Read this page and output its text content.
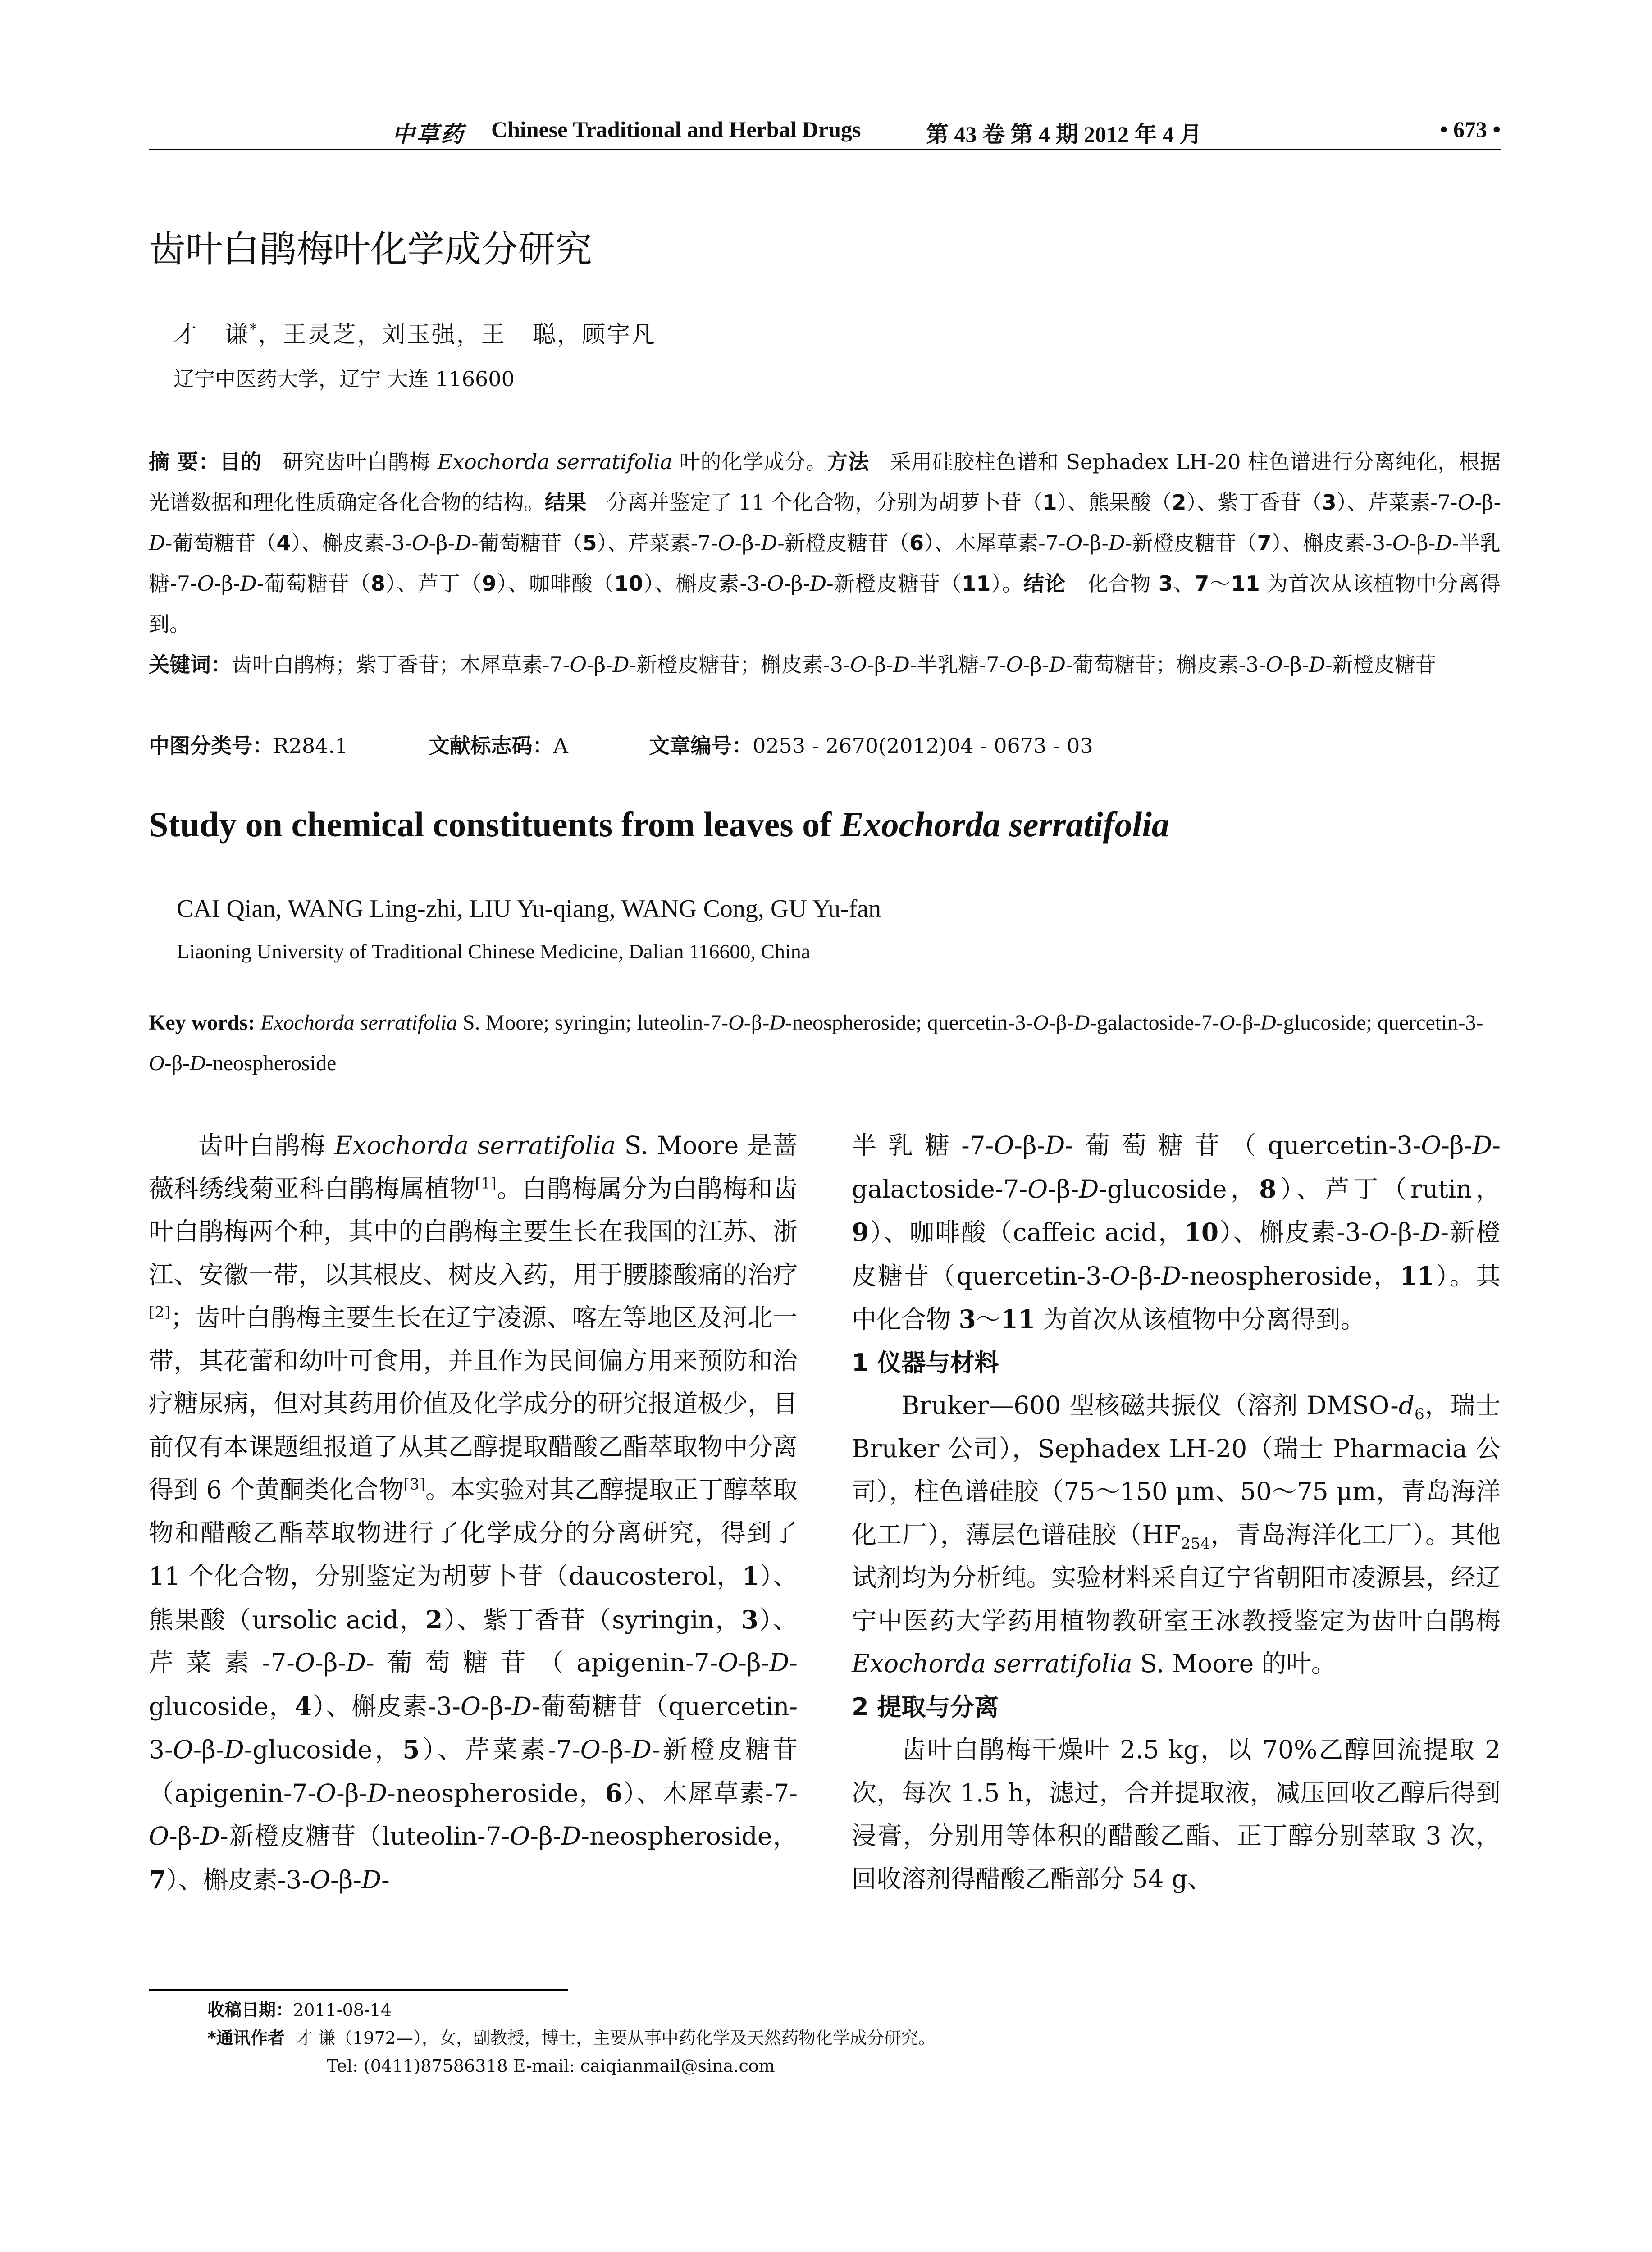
中草药 Chinese Traditional and Herbal Drugs	第 43 卷 第 4 期 2012 年 4 月	• 673 •
齿叶白鹃梅叶化学成分研究
才   谦*，王灵芝，刘玉强，王   聪，顾宇凡
辽宁中医药大学，辽宁 大连 116600
摘 要：目的   研究齿叶白鹃梅 Exochorda serratifolia 叶的化学成分。方法 采用硅胶柱色谱和 Sephadex LH-20 柱色谱进行分离纯化，根据光谱数据和理化性质确定各化合物的结构。结果   分离并鉴定了 11 个化合物，分别为胡萝卜苷（1）、熊果酸（2）、紫丁香苷（3）、芹菜素-7-O-β-D-葡萄糖苷（4）、槲皮素-3-O-β-D-葡萄糖苷（5）、芹菜素-7-O-β-D-新橙皮糖苷（6）、木犀草素-7-O-β-D-新橙皮糖苷（7）、槲皮素-3-O-β-D-半乳糖-7-O-β-D-葡萄糖苷（8）、芦丁（9）、咖啡酸（10）、槲皮素-3-O-β-D-新橙皮糖苷（11）。结论   化合物 3、7～11 为首次从该植物中分离得到。
关键词：齿叶白鹃梅；紫丁香苷；木犀草素-7-O-β-D-新橙皮糖苷；槲皮素-3-O-β-D-半乳糖-7-O-β-D-葡萄糖苷；槲皮素-3-O-β-D-新橙皮糖苷
中图分类号：R284.1	文献标志码：A	文章编号：0253 - 2670(2012)04 - 0673 - 03
Study on chemical constituents from leaves of Exochorda serratifolia
CAI Qian, WANG Ling-zhi, LIU Yu-qiang, WANG Cong, GU Yu-fan
Liaoning University of Traditional Chinese Medicine, Dalian 116600, China
Key words: Exochorda serratifolia S. Moore; syringin; luteolin-7-O-β-D-neospheroside; quercetin-3-O-β-D-galactoside-7-O-β-D-glucoside; quercetin-3-O-β-D-neospheroside

齿叶白鹃梅 Exochorda serratifolia S. Moore 是蔷薇科绣线菊亚科白鹃梅属植物[1]。白鹃梅属分为白鹃梅和齿叶白鹃梅两个种，其中的白鹃梅主要生长在我国的江苏、浙江、安徽一带，以其根皮、树皮入药，用于腰膝酸痛的治疗[2]；齿叶白鹃梅主要生长在辽宁凌源、喀左等地区及河北一带，其花蕾和幼叶可食用，并且作为民间偏方用来预防和治疗糖尿病，但对其药用价值及化学成分的研究报道极少，目前仅有本课题组报道了从其乙醇提取醋酸乙酯萃取物中分离得到 6 个黄酮类化合物[3]。本实验对其乙醇提取正丁醇萃取物和醋酸乙酯萃取物进行了化学成分的分离研究，得到了 11 个化合物，分别鉴定为胡萝卜苷（daucosterol，1）、熊果酸（ursolic acid，2）、紫丁香苷（syringin，3）、芹菜素-7-O-β-D-葡萄糖苷（apigenin-7-O-β-D-glucoside，4）、槲皮素-3-O-β-D-葡萄糖苷（quercetin-3-O-β-D-glucoside，5）、芹菜素-7-O-β-D-新橙皮糖苷（apigenin-7-O-β-D-neospheroside，6）、木犀草素-7-O-β-D-新橙皮糖苷（luteolin-7-O-β-D-neospheroside，7）、槲皮素-3-O-β-D-

半乳糖-7-O-β-D-葡萄糖苷（quercetin-3-O-β-D-galactoside-7-O-β-D-glucoside，8）、芦丁（rutin，9）、咖啡酸（caffeic acid，10）、槲皮素-3-O-β-D-新橙皮糖苷（quercetin-3-O-β-D-neospheroside，11）。其中化合物 3～11 为首次从该植物中分离得到。

1 仪器与材料

Bruker—600 型核磁共振仪（溶剂 DMSO-$d_6$，瑞士 Bruker 公司），Sephadex LH-20（瑞士 Pharmacia 公司），柱色谱硅胶（75～150 μm、50～75 μm，青岛海洋化工厂），薄层色谱硅胶（$HF_{254}$，青岛海洋化工厂）。其他试剂均为分析纯。实验材料采自辽宁省朝阳市凌源县，经辽宁中医药大学药用植物教研室王冰教授鉴定为齿叶白鹃梅 Exochorda serratifolia S. Moore 的叶。

2 提取与分离

齿叶白鹃梅干燥叶 2.5 kg，以 70%乙醇回流提取 2 次，每次 1.5 h，滤过，合并提取液，减压回收乙醇后得到浸膏，分别用等体积的醋酸乙酯、正丁醇分别萃取 3 次，回收溶剂得醋酸乙酯部分 54 g、

收稿日期：2011-08-14
*通讯作者 才 谦（1972—），女，副教授，博士，主要从事中药化学及天然药物化学成分研究。
Tel: (0411)87586318 E-mail: caiqianmail@sina.com
